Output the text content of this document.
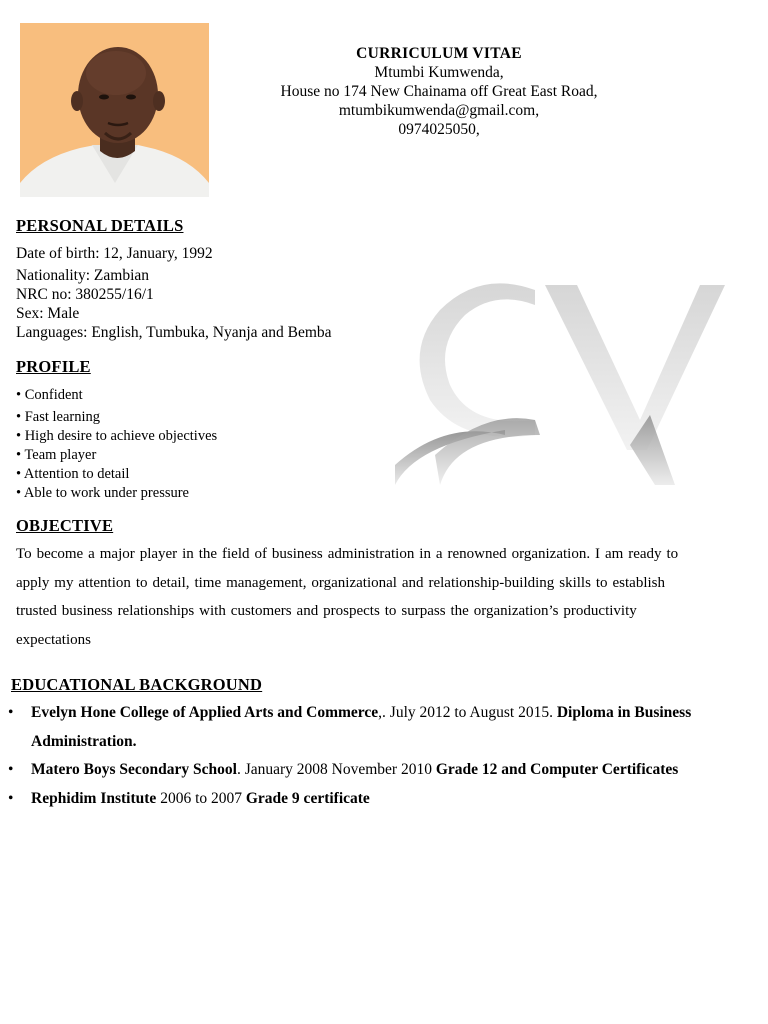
CURRICULUM VITAE
Mtumbi Kumwenda,
House no 174 New Chainama off Great East Road,
mtumbikumwenda@gmail.com,
0974025050,
PERSONAL DETAILS
Date of birth: 12, January, 1992
Nationality: Zambian
NRC no: 380255/16/1
Sex: Male
Languages: English, Tumbuka, Nyanja and Bemba
PROFILE
• Confident
• Fast learning
• High desire to achieve objectives
• Team player
• Attention to detail
• Able to work under pressure
OBJECTIVE
To become a major player in the field of business administration in a renowned organization. I am ready to apply my attention to detail, time management, organizational and relationship-building skills to establish trusted business relationships with customers and prospects to surpass the organization’s productivity expectations
EDUCATIONAL BACKGROUND
• Evelyn Hone College of Applied Arts and Commerce,. July 2012 to August 2015. Diploma in Business Administration.
• Matero Boys Secondary School. January 2008 November 2010 Grade 12 and Computer Certificates
• Rephidim Institute 2006 to 2007 Grade 9 certificate
